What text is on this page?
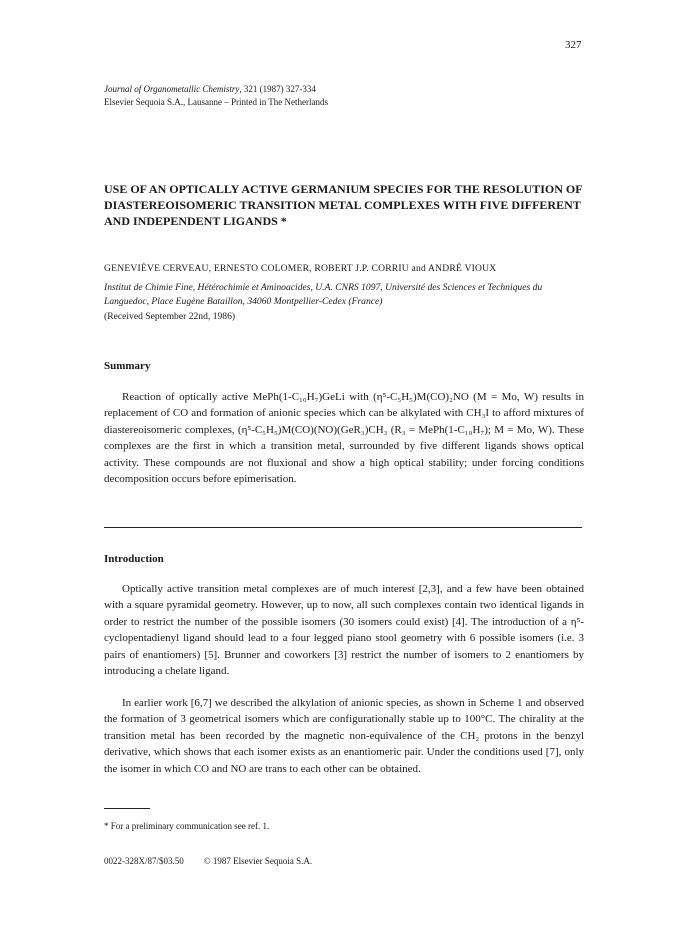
327
Journal of Organometallic Chemistry, 321 (1987) 327-334
Elsevier Sequoia S.A., Lausanne – Printed in The Netherlands
USE OF AN OPTICALLY ACTIVE GERMANIUM SPECIES FOR THE RESOLUTION OF DIASTEREOISOMERIC TRANSITION METAL COMPLEXES WITH FIVE DIFFERENT AND INDEPENDENT LIGANDS *
GENEVIÈVE CERVEAU, ERNESTO COLOMER, ROBERT J.P. CORRIU and ANDRÉ VIOUX
Institut de Chimie Fine, Hétérochimie et Aminoacides, U.A. CNRS 1097, Université des Sciences et Techniques du Languedoc, Place Eugène Bataillon, 34060 Montpellier-Cedex (France)
(Received September 22nd, 1986)
Summary

Reaction of optically active MePh(1-C₁₀H₇)GeLi with (η⁵-C₅H₅)M(CO)₂NO (M = Mo, W) results in replacement of CO and formation of anionic species which can be alkylated with CH₃I to afford mixtures of diastereoisomeric complexes, (η⁵-C₅H₅)M(CO)(NO)(GeR₃)CH₃ (R₃ = MePh(1-C₁₀H₇); M = Mo, W). These complexes are the first in which a transition metal, surrounded by five different ligands shows optical activity. These compounds are not fluxional and show a high optical stability; under forcing conditions decomposition occurs before epimerisation.

Introduction

Optically active transition metal complexes are of much interest [2,3], and a few have been obtained with a square pyramidal geometry. However, up to now, all such complexes contain two identical ligands in order to restrict the number of the possible isomers (30 isomers could exist) [4]. The introduction of a η⁵-cyclopentadienyl ligand should lead to a four legged piano stool geometry with 6 possible isomers (i.e. 3 pairs of enantiomers) [5]. Brunner and coworkers [3] restrict the number of isomers to 2 enantiomers by introducing a chelate ligand.

In earlier work [6,7] we described the alkylation of anionic species, as shown in Scheme 1 and observed the formation of 3 geometrical isomers which are configurationally stable up to 100°C. The chirality at the transition metal has been recorded by the magnetic non-equivalence of the CH₂ protons in the benzyl derivative, which shows that each isomer exists as an enantiomeric pair. Under the conditions used [7], only the isomer in which CO and NO are trans to each other can be obtained.

* For a preliminary communication see ref. 1.
0022-328X/87/$03.50 © 1987 Elsevier Sequoia S.A.
